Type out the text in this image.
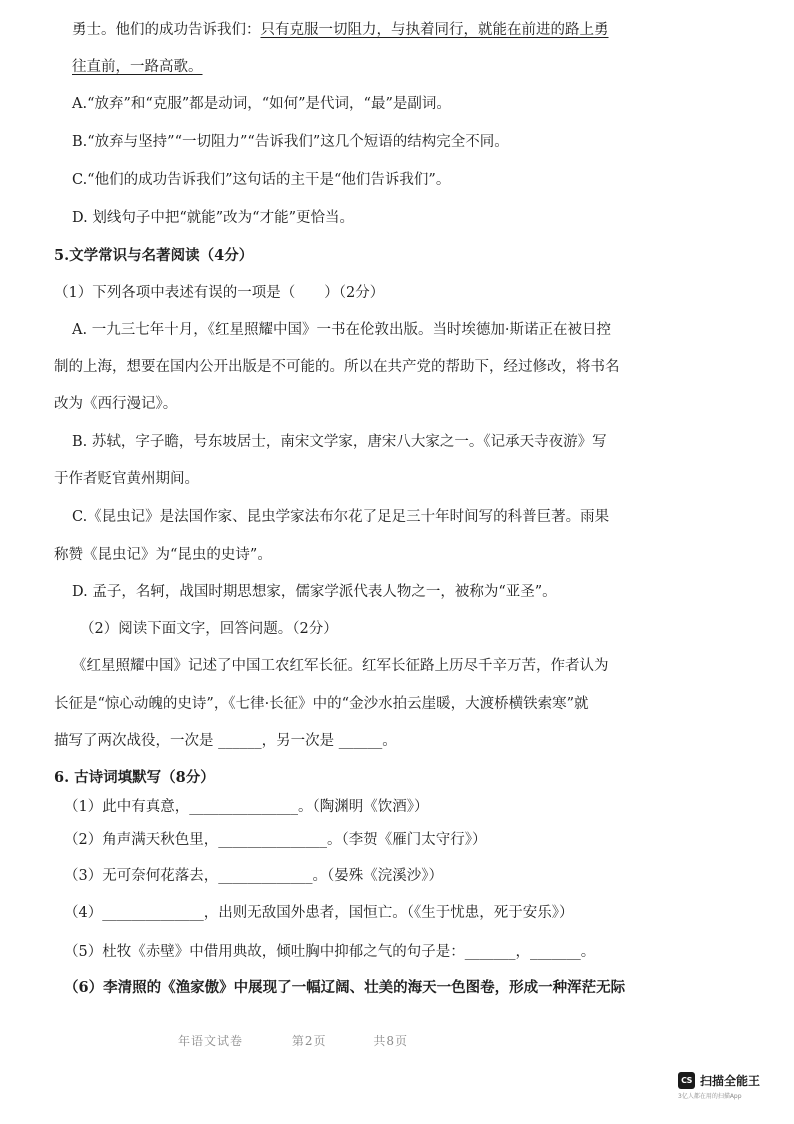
勇士。他们的成功告诉我们：只有克服一切阻力，与执着同行，就能在前进的路上勇
往直前，一路高歌。
A.“放弃”和“克服”都是动词，“如何”是代词，“最”是副词。
B.“放弃与坚持”“一切阻力”“告诉我们”这几个短语的结构完全不同。
C.“他们的成功告诉我们”这句话的主干是“他们告诉我们”。
D. 划线句子中把“就能”改为“才能”更恰当。
5.文学常识与名著阅读（4分）
（1）下列各项中表述有误的一项是（　　）（2分）
A. 一九三七年十月，《红星照耀中国》一书在伦敦出版。当时埃德加·斯诺正在被日控
制的上海，想要在国内公开出版是不可能的。所以在共产党的帮助下，经过修改，将书名
改为《西行漫记》。
B. 苏轼，字子瞻，号东坡居士，南宋文学家，唐宋八大家之一。《记承天寺夜游》写
于作者贬官黄州期间。
C.《昆虫记》是法国作家、昆虫学家法布尔花了足足三十年时间写的科普巨著。雨果
称赞《昆虫记》为“昆虫的史诗”。
D. 孟子，名轲，战国时期思想家，儒家学派代表人物之一，被称为“亚圣”。
（2）阅读下面文字，回答问题。（2分）
《红星照耀中国》记述了中国工农红军长征。红军长征路上历尽千辛万苦，作者认为
长征是“惊心动魄的史诗”，《七律·长征》中的“金沙水拍云崖暖，大渡桥横铁索寒”就
描写了两次战役，一次是 ______，另一次是 ______。
6. 古诗词填默写（8分）
（1）此中有真意，_______________。（陶渊明《饮酒》）
（2）角声满天秋色里，_______________。（李贺《雁门太守行》）
（3）无可奈何花落去，_____________。（晏殊《浣溪沙》）
（4）______________，出则无敌国外患者，国恒亡。（《生于忧患，死于安乐》）
（5）杜牧《赤壁》中借用典故，倾吐胸中抑郁之气的句子是：_______，_______。
（6）李清照的《渔家傲》中展现了一幅辽阔、壮美的海天一色图卷，形成一种浑茫无际
年语文试卷	第2页	共8页
CS 扫描全能王
3亿人都在用的扫描App
